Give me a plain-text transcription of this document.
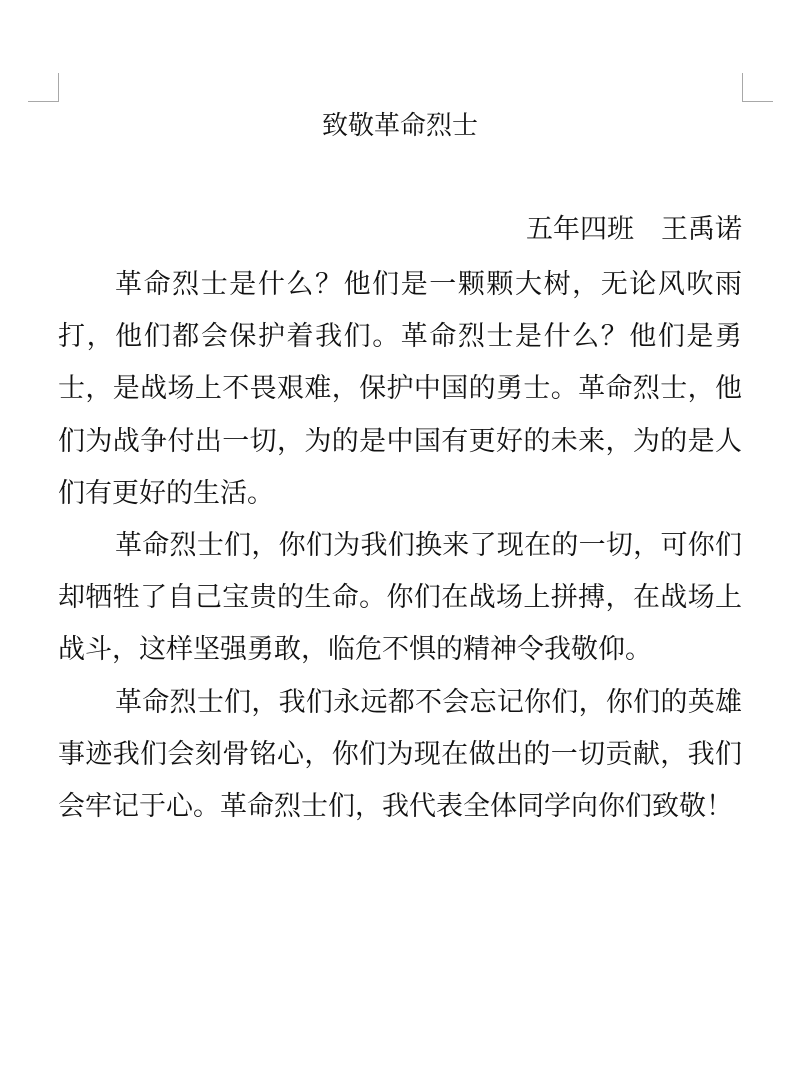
致敬革命烈士
五年四班　王禹诺

革命烈士是什么？他们是一颗颗大树，无论风吹雨打，他们都会保护着我们。革命烈士是什么？他们是勇士，是战场上不畏艰难，保护中国的勇士。革命烈士，他们为战争付出一切，为的是中国有更好的未来，为的是人们有更好的生活。

革命烈士们，你们为我们换来了现在的一切，可你们却牺牲了自己宝贵的生命。你们在战场上拼搏，在战场上战斗，这样坚强勇敢，临危不惧的精神令我敬仰。

革命烈士们，我们永远都不会忘记你们，你们的英雄事迹我们会刻骨铭心，你们为现在做出的一切贡献，我们会牢记于心。革命烈士们，我代表全体同学向你们致敬！
